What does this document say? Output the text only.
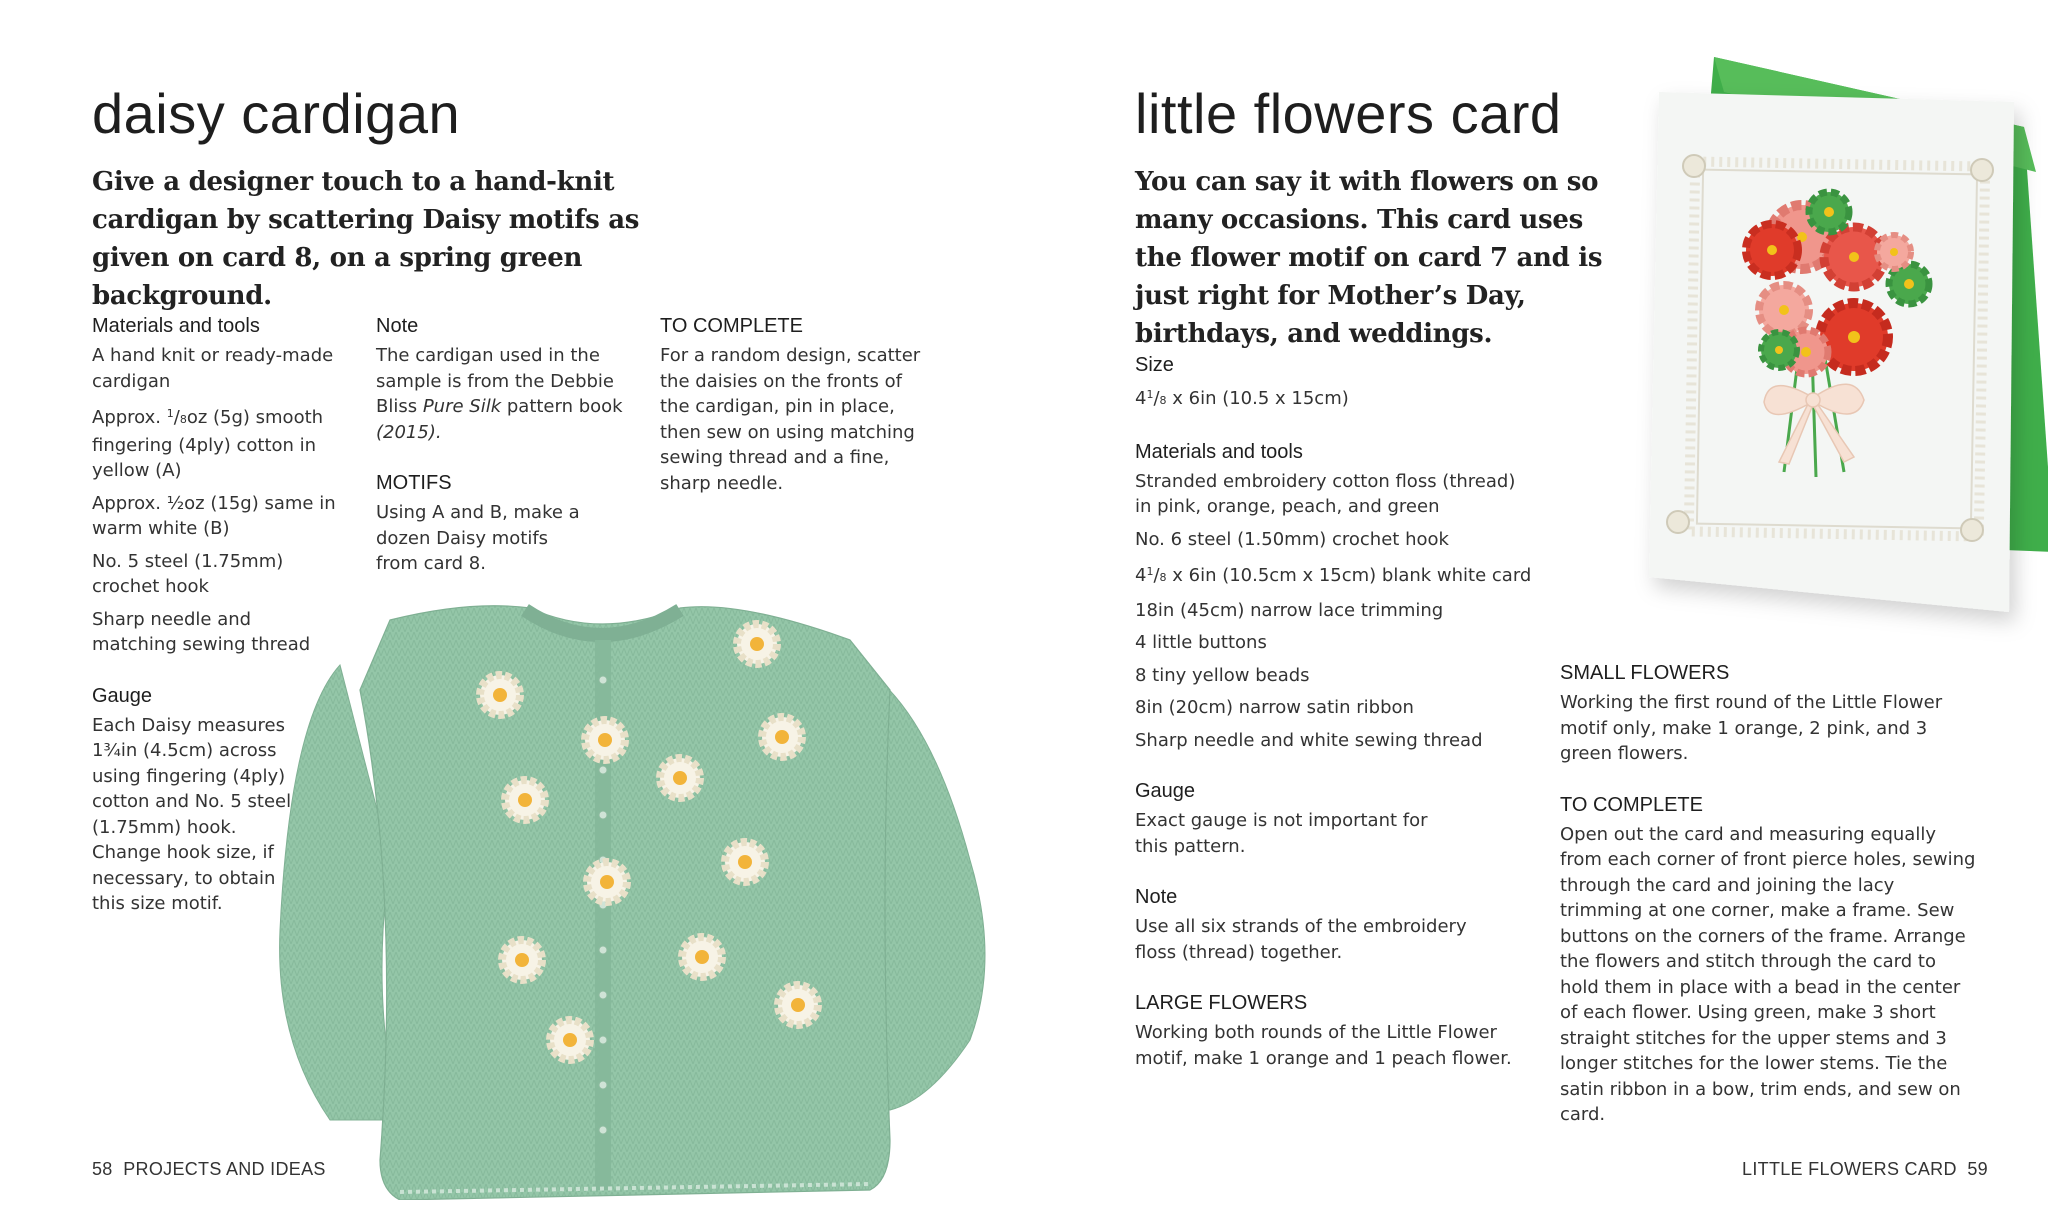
daisy cardigan

Give a designer touch to a hand-knit cardigan by scattering Daisy motifs as given on card 8, on a spring green background.

Materials and tools

A hand knit or ready-made cardigan

Approx. $^1$/8oz (5g) smooth fingering (4ply) cotton in yellow (A)

Approx. ½oz (15g) same in warm white (B)

No. 5 steel (1.75mm) crochet hook

Sharp needle and matching sewing thread

Gauge

Each Daisy measures 1¾in (4.5cm) across using fingering (4ply) cotton and No. 5 steel (1.75mm) hook. Change hook size, if necessary, to obtain this size motif.

Note

The cardigan used in the sample is from the Debbie Bliss Pure Silk pattern book (2015).

MOTIFS

Using A and B, make a dozen Daisy motifs from card 8.

TO COMPLETE

For a random design, scatter the daisies on the fronts of the cardigan, pin in place, then sew on using matching sewing thread and a fine, sharp needle.

58 PROJECTS AND IDEAS
little flowers card

You can say it with flowers on so many occasions. This card uses the flower motif on card 7 and is just right for Mother’s Day, birthdays, and weddings.

Size

$4^1/8$ x 6in (10.5 x 15cm)

Materials and tools

Stranded embroidery cotton floss (thread) in pink, orange, peach, and green

No. 6 steel (1.50mm) crochet hook

$4^1/8$ x 6in (10.5cm x 15cm) blank white card

18in (45cm) narrow lace trimming

4 little buttons

8 tiny yellow beads

8in (20cm) narrow satin ribbon

Sharp needle and white sewing thread

Gauge

Exact gauge is not important for this pattern.

Note

Use all six strands of the embroidery floss (thread) together.

LARGE FLOWERS

Working both rounds of the Little Flower motif, make 1 orange and 1 peach flower.

SMALL FLOWERS

Working the first round of the Little Flower motif only, make 1 orange, 2 pink, and 3 green flowers.

TO COMPLETE

Open out the card and measuring equally from each corner of front pierce holes, sewing through the card and joining the lacy trimming at one corner, make a frame. Sew buttons on the corners of the frame. Arrange the flowers and stitch through the card to hold them in place with a bead in the center of each flower. Using green, make 3 short straight stitches for the upper stems and 3 longer stitches for the lower stems. Tie the satin ribbon in a bow, trim ends, and sew on card.

LITTLE FLOWERS CARD 59
